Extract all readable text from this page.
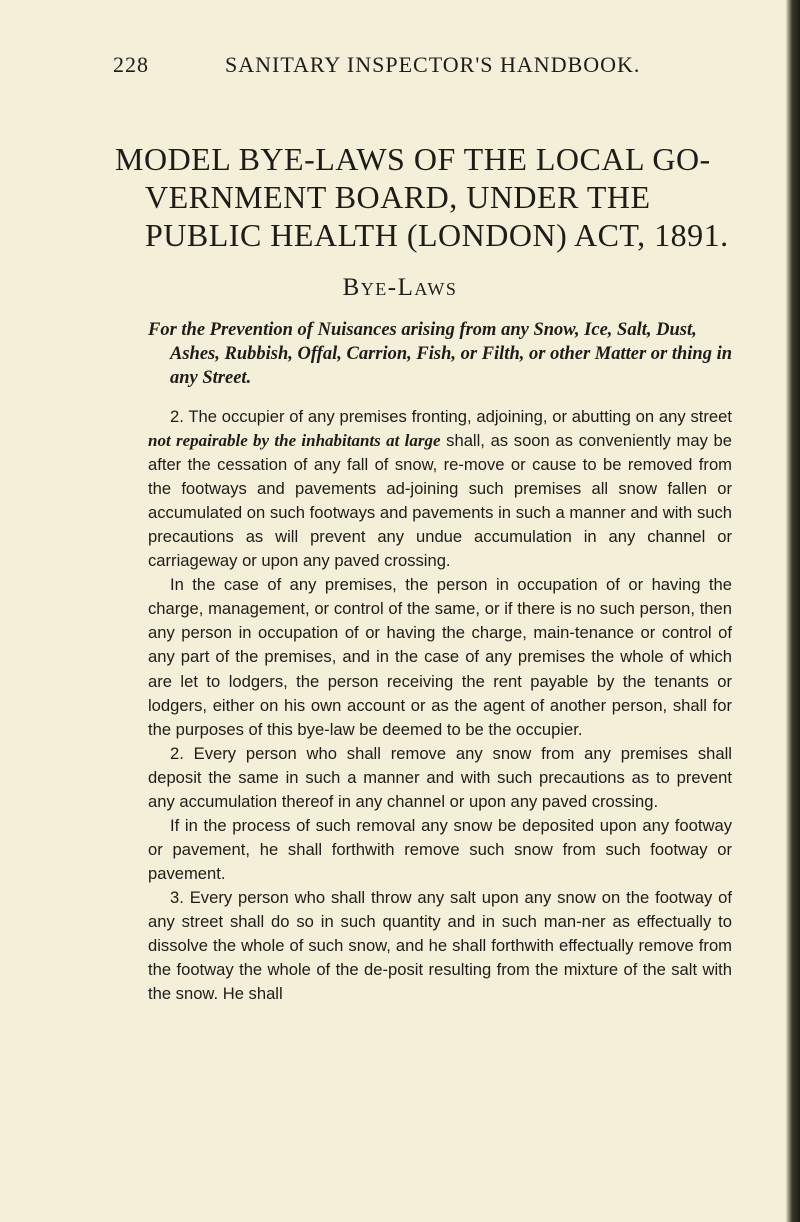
228	SANITARY INSPECTOR'S HANDBOOK.
MODEL BYE-LAWS OF THE LOCAL GO-VERNMENT BOARD, UNDER THE PUBLIC HEALTH (LONDON) ACT, 1891.
Bye-Laws
For the Prevention of Nuisances arising from any Snow, Ice, Salt, Dust, Ashes, Rubbish, Offal, Carrion, Fish, or Filth, or other Matter or thing in any Street.

2. The occupier of any premises fronting, adjoining, or abutting on any street not repairable by the inhabitants at large shall, as soon as conveniently may be after the cessation of any fall of snow, re-move or cause to be removed from the footways and pavements ad-joining such premises all snow fallen or accumulated on such footways and pavements in such a manner and with such precautions as will prevent any undue accumulation in any channel or carriageway or upon any paved crossing.

In the case of any premises, the person in occupation of or having the charge, management, or control of the same, or if there is no such person, then any person in occupation of or having the charge, main-tenance or control of any part of the premises, and in the case of any premises the whole of which are let to lodgers, the person receiving the rent payable by the tenants or lodgers, either on his own account or as the agent of another person, shall for the purposes of this bye-law be deemed to be the occupier.

2. Every person who shall remove any snow from any premises shall deposit the same in such a manner and with such precautions as to prevent any accumulation thereof in any channel or upon any paved crossing.

If in the process of such removal any snow be deposited upon any footway or pavement, he shall forthwith remove such snow from such footway or pavement.

3. Every person who shall throw any salt upon any snow on the footway of any street shall do so in such quantity and in such man-ner as effectually to dissolve the whole of such snow, and he shall forthwith effectually remove from the footway the whole of the de-posit resulting from the mixture of the salt with the snow. He shall
